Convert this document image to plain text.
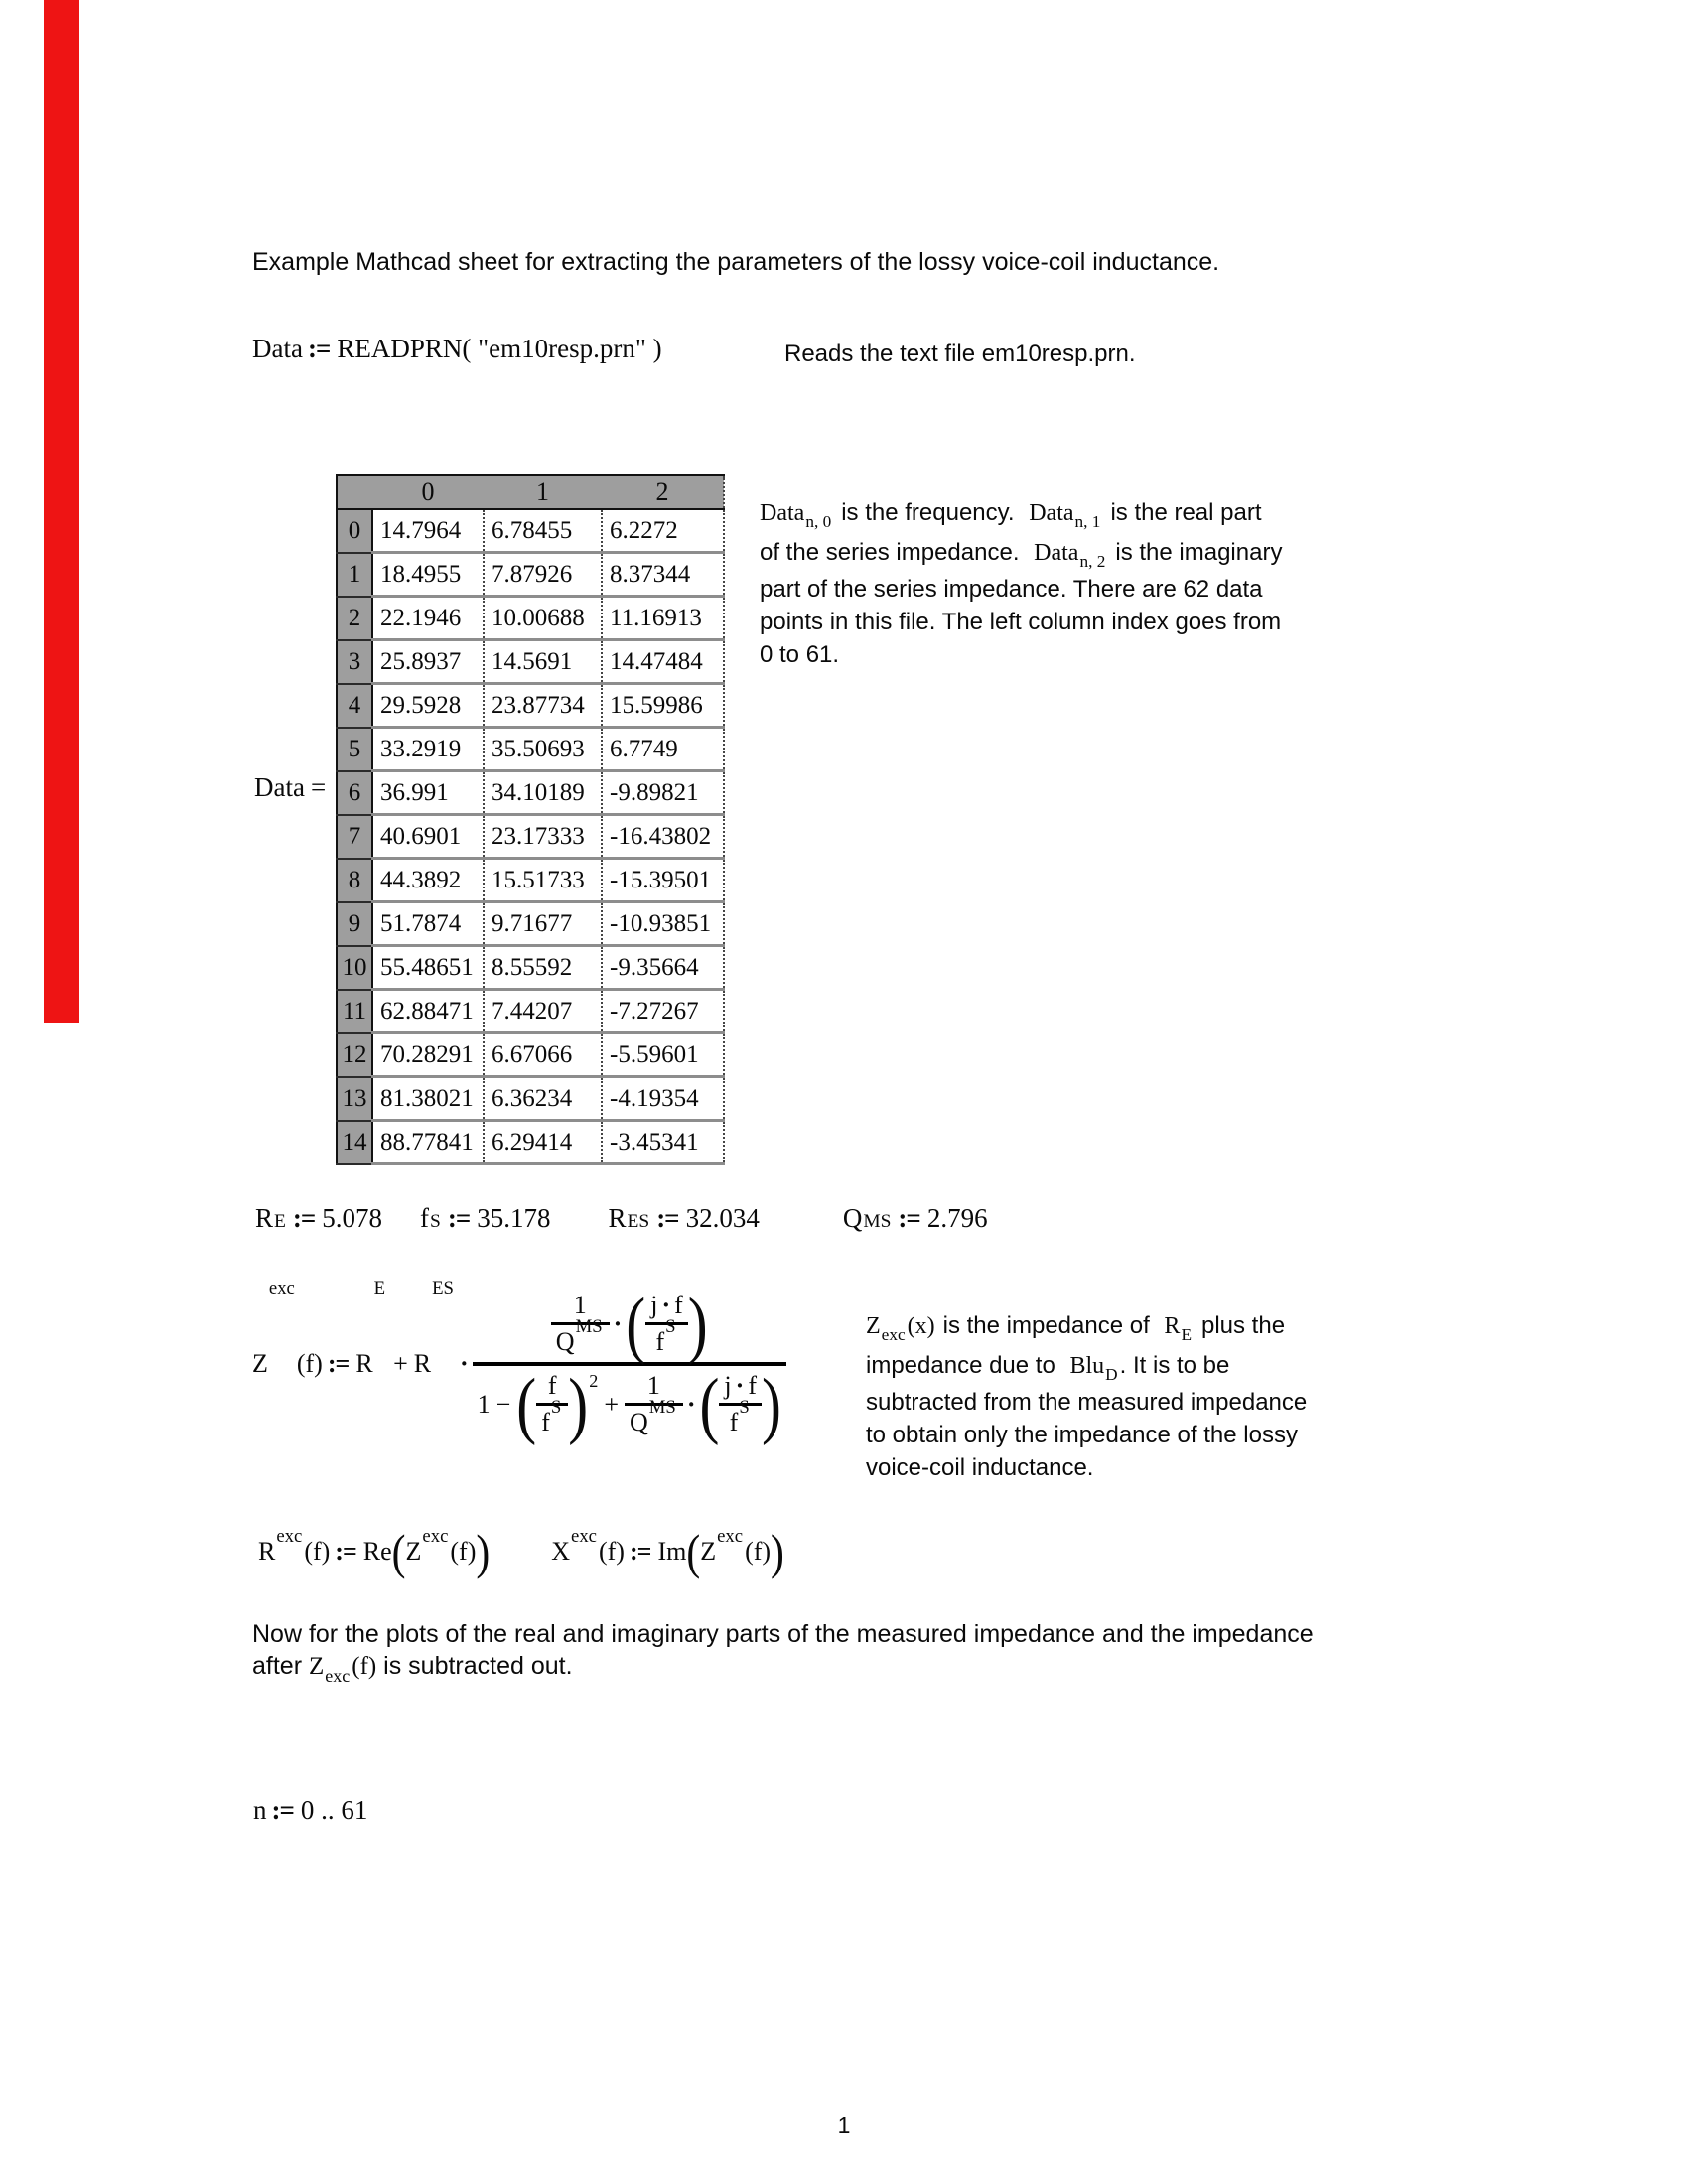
Example Mathcad sheet for extracting the parameters of the lossy voice-coil inductance.
Data := READPRN( "em10resp.prn" )	Reads the text file em10resp.prn.
Data =
	0	1	2
0	14.7964	6.78455	6.2272
1	18.4955	7.87926	8.37344
2	22.1946	10.00688	11.16913
3	25.8937	14.5691	14.47484
4	29.5928	23.87734	15.59986
5	33.2919	35.50693	6.7749
6	36.991	34.10189	-9.89821
7	40.6901	23.17333	-16.43802
8	44.3892	15.51733	-15.39501
9	51.7874	9.71677	-10.93851
10	55.48651	8.55592	-9.35664
11	62.88471	7.44207	-7.27267
12	70.28291	6.67066	-5.59601
13	81.38021	6.36234	-4.19354
14	88.77841	6.29414	-3.45341
Data$_{n, 0}$ is the frequency. Data$_{n, 1}$ is the real part
of the series impedance. Data$_{n, 2}$ is the imaginary
part of the series impedance. There are 62 data
points in this file. The left column index goes from
0 to 61.
R E := 5.078 f S := 35.178 R ES := 32.034	Q MS := 2.796
Z
exc
(f) := R
E
+ R
ES
·
1
Q
MS · ( j · f
f
S )
1 − ( f
f
S ) 2
+ 1
Q
MS · ( j · f
f
S )
$Z_{exc}(x)$ is the impedance of $R_E$ plus the
impedance due to Blu$_D$. It is to be
subtracted from the measured impedance
to obtain only the impedance of the lossy
voice-coil inductance.
R
exc
(f) := Re ( Z
exc
(f) ) X
exc
(f) := Im ( Z
exc
(f) )
Now for the plots of the real and imaginary parts of the measured impedance and the impedance
after $Z_{exc}(f)$ is subtracted out.
n := 0 .. 61
1
